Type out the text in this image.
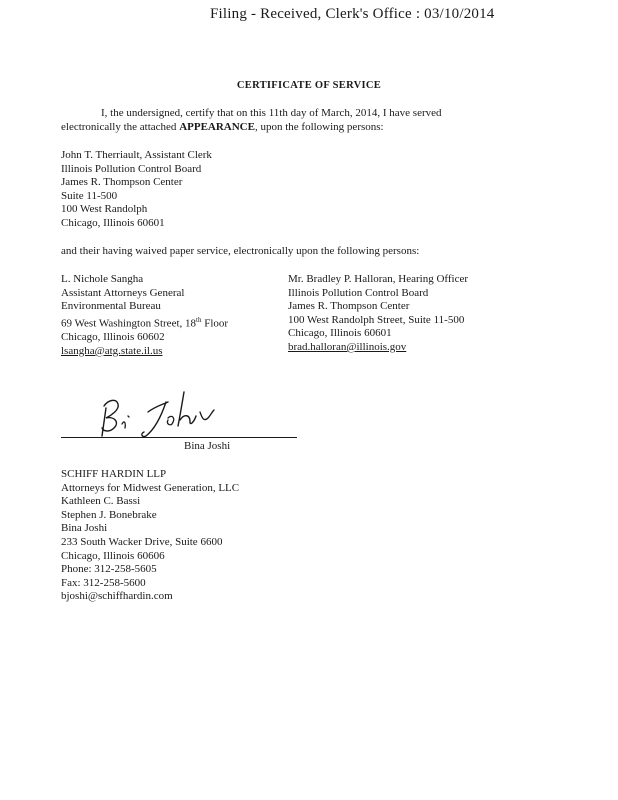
Filing - Received, Clerk's Office : 03/10/2014
CERTIFICATE OF SERVICE
I, the undersigned, certify that on this 11th day of March, 2014, I have served
electronically the attached APPEARANCE, upon the following persons:
John T. Therriault, Assistant Clerk
Illinois Pollution Control Board
James R. Thompson Center
Suite 11-500
100 West Randolph
Chicago, Illinois 60601
and their having waived paper service, electronically upon the following persons:
L. Nichole Sangha
Assistant Attorneys General
Environmental Bureau
69 West Washington Street, 18th Floor
Chicago, Illinois 60602
lsangha@atg.state.il.us
Mr. Bradley P. Halloran, Hearing Officer
Illinois Pollution Control Board
James R. Thompson Center
100 West Randolph Street, Suite 11-500
Chicago, Illinois 60601
brad.halloran@illinois.gov
Bina Joshi
SCHIFF HARDIN LLP
Attorneys for Midwest Generation, LLC
Kathleen C. Bassi
Stephen J. Bonebrake
Bina Joshi
233 South Wacker Drive, Suite 6600
Chicago, Illinois 60606
Phone: 312-258-5605
Fax: 312-258-5600
bjoshi@schiffhardin.com
